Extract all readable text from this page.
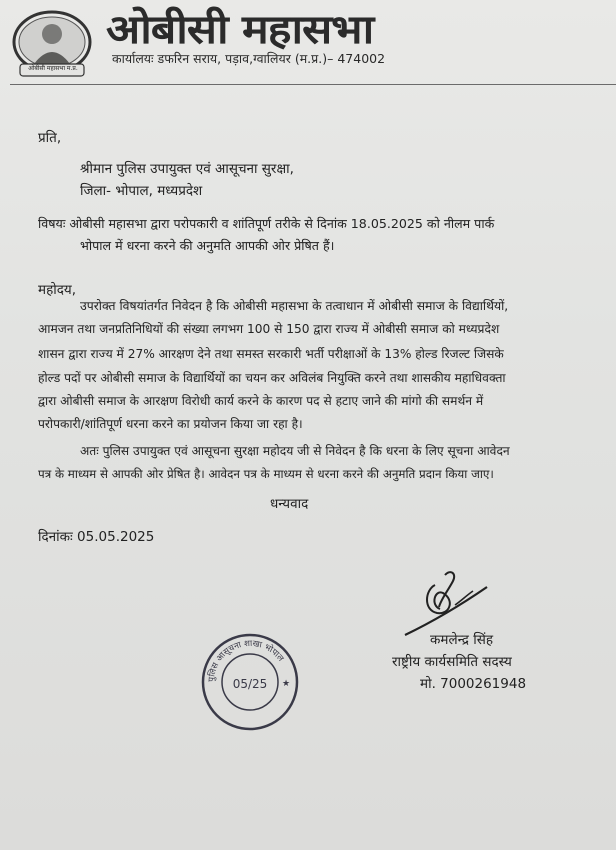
ओबीसी महासभा म.प्र.
ओबीसी महासभा
कार्यालयः डफरिन सराय, पड़ाव,ग्वालियर (म.प्र.)– 474002
प्रति,
श्रीमान पुलिस उपायुक्त एवं आसूचना सुरक्षा,
जिला- भोपाल, मध्यप्रदेश
विषयः ओबीसी महासभा द्वारा परोपकारी व शांतिपूर्ण तरीके से दिनांक 18.05.2025 को नीलम पार्क
भोपाल में धरना करने की अनुमति आपकी ओर प्रेषित हैं।
महोदय,
उपरोक्त विषयांतर्गत निवेदन है कि ओबीसी महासभा के तत्वाधान में ओबीसी समाज के विद्यार्थियों,
आमजन तथा जनप्रतिनिधियों की संख्या लगभग 100 से 150 द्वारा राज्य में ओबीसी समाज को मध्यप्रदेश
शासन द्वारा राज्य में 27% आरक्षण देने तथा समस्त सरकारी भर्ती परीक्षाओं के 13% होल्ड रिजल्ट जिसके
होल्ड पदों पर ओबीसी समाज के विद्यार्थियों का चयन कर अविलंब नियुक्ति करने तथा शासकीय महाधिवक्ता
द्वारा ओबीसी समाज के आरक्षण विरोधी कार्य करने के कारण पद से हटाए जाने की मांगो की समर्थन में
परोपकारी/शांतिपूर्ण धरना करने का प्रयोजन किया जा रहा है।
अतः पुलिस उपायुक्त एवं आसूचना सुरक्षा महोदय जी से निवेदन है कि धरना के लिए सूचना आवेदन
पत्र के माध्यम से आपकी ओर प्रेषित है। आवेदन पत्र के माध्यम से धरना करने की अनुमति प्रदान किया जाए।
धन्यवाद
दिनांकः 05.05.2025
कमलेन्द्र सिंह
राष्ट्रीय कार्यसमिति सदस्य
मो. 7000261948
पुलिस आसूचना शाखा भोपाल
05/25 ★
